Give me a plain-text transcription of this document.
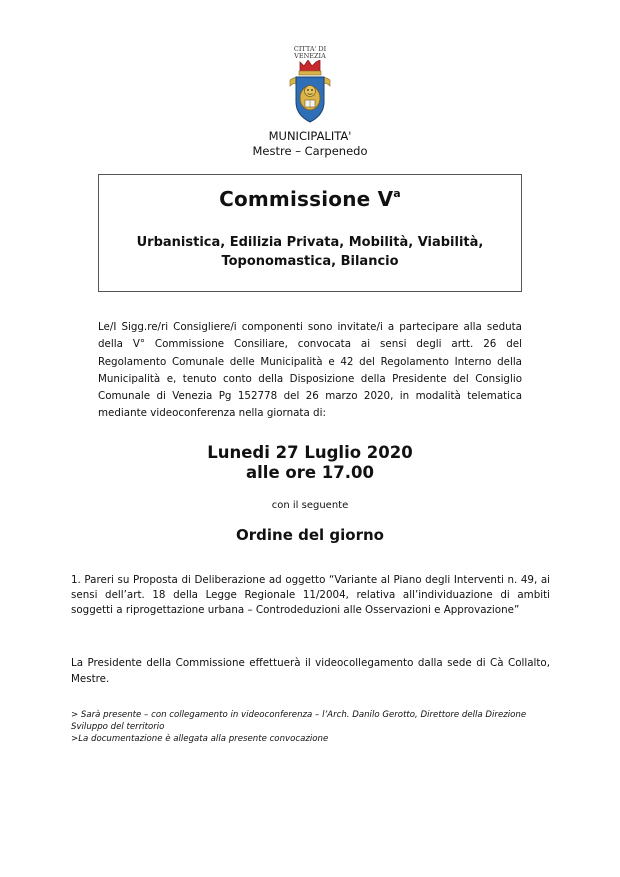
CITTA' DI
VENEZIA
MUNICIPALITA'
Mestre – Carpenedo
Commissione $V^a$
Urbanistica, Edilizia Privata, Mobilità, Viabilità,
Toponomastica, Bilancio

Le/I Sigg.re/ri Consigliere/i componenti sono invitate/i a partecipare alla seduta della V° Commissione Consiliare, convocata ai sensi degli artt. 26 del Regolamento Comunale delle Municipalità e 42 del Regolamento Interno della Municipalità e, tenuto conto della Disposizione della Presidente del Consiglio Comunale di Venezia Pg 152778 del 26 marzo 2020, in modalità telematica mediante videoconferenza nella giornata di:

Lunedi 27 Luglio 2020
alle ore 17.00
con il seguente
Ordine del giorno

1. Pareri su Proposta di Deliberazione ad oggetto “Variante al Piano degli Interventi n. 49, ai sensi dell’art. 18 della Legge Regionale 11/2004, relativa all’individuazione di ambiti soggetti a riprogettazione urbana – Controdeduzioni alle Osservazioni e Approvazione”

La Presidente della Commissione effettuerà il videocollegamento dalla sede di Cà Collalto, Mestre.

> Sarà presente – con collegamento in videoconferenza – l’Arch. Danilo Gerotto, Direttore della Direzione Sviluppo del territorio
>La documentazione è allegata alla presente convocazione
